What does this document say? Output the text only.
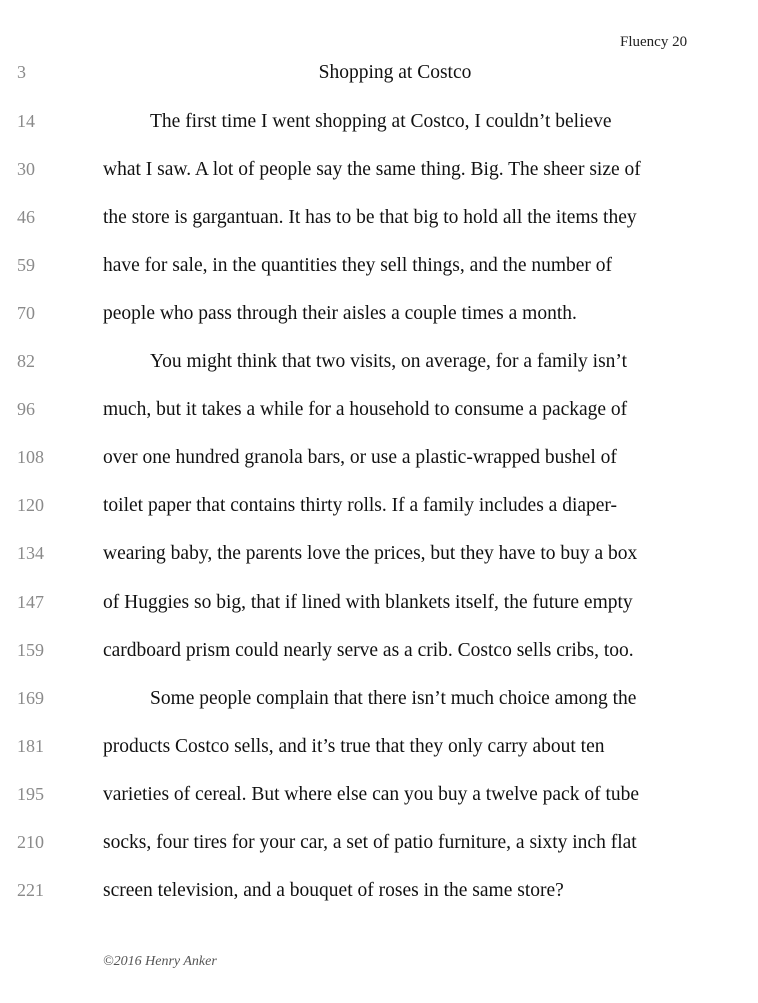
Fluency 20
3	Shopping at Costco
14	The first time I went shopping at Costco, I couldn’t believe
30	what I saw. A lot of people say the same thing. Big. The sheer size of
46	the store is gargantuan. It has to be that big to hold all the items they
59	have for sale, in the quantities they sell things, and the number of
70	people who pass through their aisles a couple times a month.
82	You might think that two visits, on average, for a family isn’t
96	much, but it takes a while for a household to consume a package of
108	over one hundred granola bars, or use a plastic-wrapped bushel of
120	toilet paper that contains thirty rolls. If a family includes a diaper-
134	wearing baby, the parents love the prices, but they have to buy a box
147	of Huggies so big, that if lined with blankets itself, the future empty
159	cardboard prism could nearly serve as a crib. Costco sells cribs, too.
169	Some people complain that there isn’t much choice among the
181	products Costco sells, and it’s true that they only carry about ten
195	varieties of cereal. But where else can you buy a twelve pack of tube
210	socks, four tires for your car, a set of patio furniture, a sixty inch flat
221	screen television, and a bouquet of roses in the same store?
©2016 Henry Anker
